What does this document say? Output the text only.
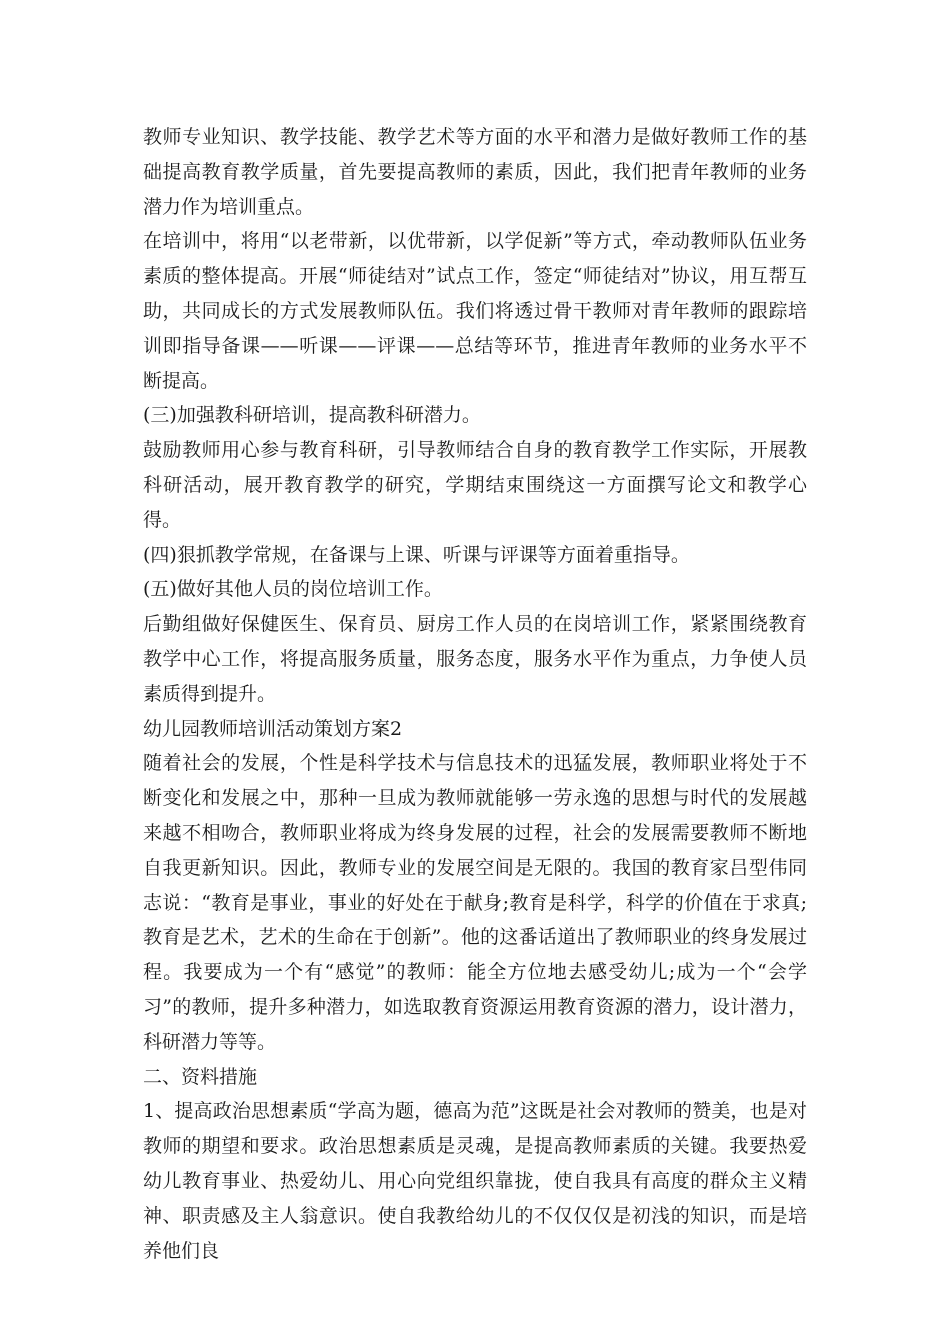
教师专业知识、教学技能、教学艺术等方面的水平和潜力是做好教师工作的基础提高教育教学质量，首先要提高教师的素质，因此，我们把青年教师的业务潜力作为培训重点。

在培训中，将用“以老带新，以优带新，以学促新”等方式，牵动教师队伍业务素质的整体提高。开展“师徒结对”试点工作，签定“师徒结对”协议，用互帮互助，共同成长的方式发展教师队伍。我们将透过骨干教师对青年教师的跟踪培训即指导备课——听课——评课——总结等环节，推进青年教师的业务水平不断提高。

(三)加强教科研培训，提高教科研潜力。

鼓励教师用心参与教育科研，引导教师结合自身的教育教学工作实际，开展教科研活动，展开教育教学的研究，学期结束围绕这一方面撰写论文和教学心得。

(四)狠抓教学常规，在备课与上课、听课与评课等方面着重指导。

(五)做好其他人员的岗位培训工作。

后勤组做好保健医生、保育员、厨房工作人员的在岗培训工作，紧紧围绕教育教学中心工作，将提高服务质量，服务态度，服务水平作为重点，力争使人员素质得到提升。

幼儿园教师培训活动策划方案2

随着社会的发展，个性是科学技术与信息技术的迅猛发展，教师职业将处于不断变化和发展之中，那种一旦成为教师就能够一劳永逸的思想与时代的发展越来越不相吻合，教师职业将成为终身发展的过程，社会的发展需要教师不断地自我更新知识。因此，教师专业的发展空间是无限的。我国的教育家吕型伟同志说：“教育是事业，事业的好处在于献身;教育是科学，科学的价值在于求真;教育是艺术，艺术的生命在于创新”。他的这番话道出了教师职业的终身发展过程。我要成为一个有“感觉”的教师：能全方位地去感受幼儿;成为一个“会学习”的教师，提升多种潜力，如选取教育资源运用教育资源的潜力，设计潜力，科研潜力等等。

二、资料措施

1、提高政治思想素质“学高为题，德高为范”这既是社会对教师的赞美，也是对教师的期望和要求。政治思想素质是灵魂，是提高教师素质的关键。我要热爱幼儿教育事业、热爱幼儿、用心向党组织靠拢，使自我具有高度的群众主义精神、职责感及主人翁意识。使自我教给幼儿的不仅仅仅是初浅的知识，而是培养他们良
